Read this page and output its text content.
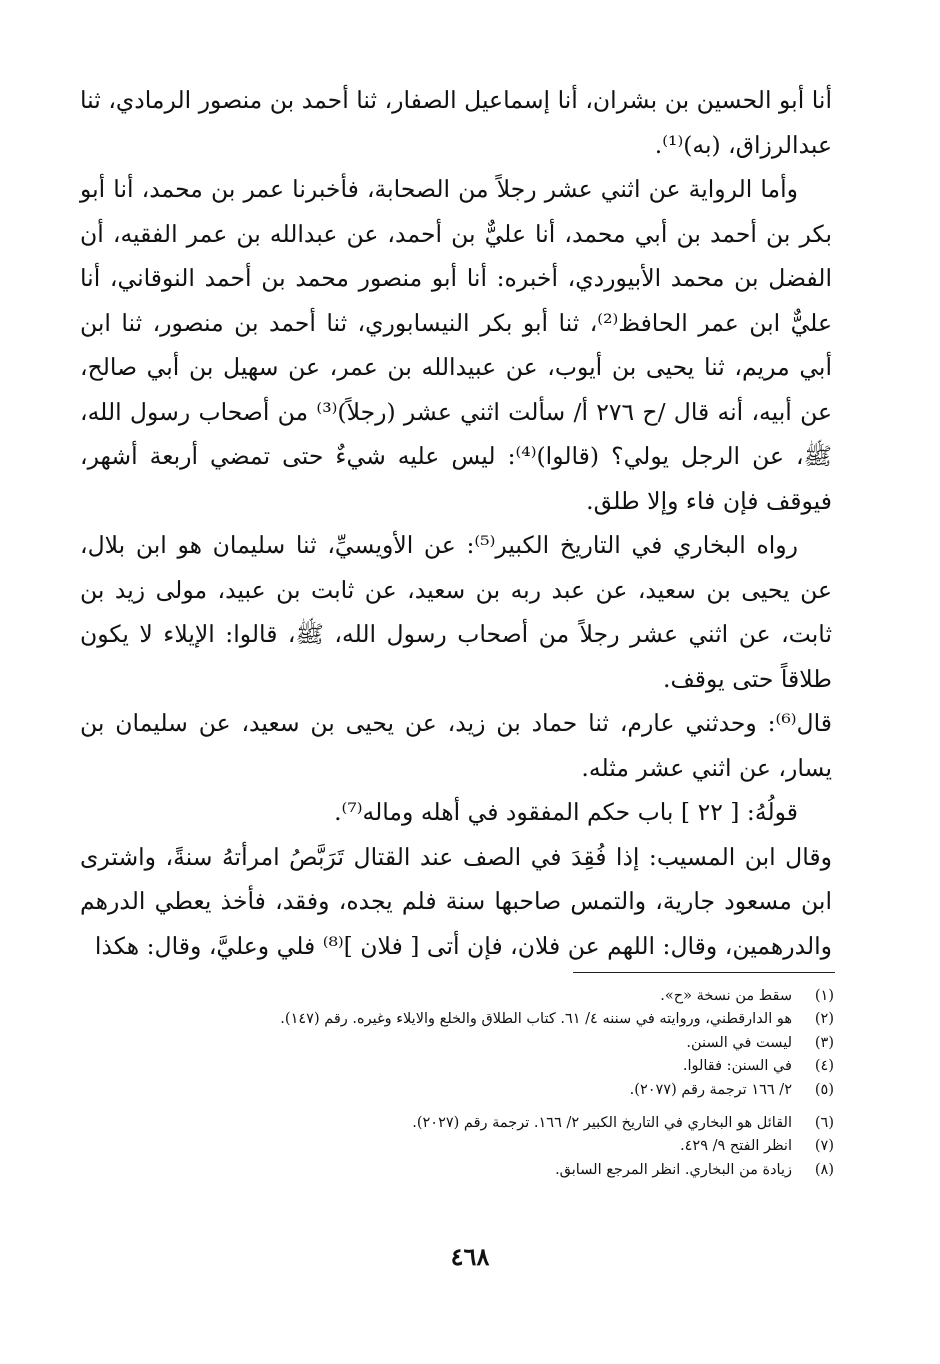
أنا أبو الحسين بن بشران، أنا إسماعيل الصفار، ثنا أحمد بن منصور الرمادي، ثنا عبدالرزاق، (به)⁽¹⁾.

وأما الرواية عن اثني عشر رجلاً من الصحابة، فأخبرنا عمر بن محمد، أنا أبو بكر بن أحمد بن أبي محمد، أنا عليٌّ بن أحمد، عن عبدالله بن عمر الفقيه، أن الفضل بن محمد الأبيوردي، أخبره: أنا أبو منصور محمد بن أحمد النوقاني، أنا عليٌّ ابن عمر الحافظ⁽²⁾، ثنا أبو بكر النيسابوري، ثنا أحمد بن منصور، ثنا ابن أبي مريم، ثنا يحيى بن أيوب، عن عبيدالله بن عمر، عن سهيل بن أبي صالح، عن أبيه، أنه قال /ح ٢٧٦ أ/ سألت اثني عشر (رجلاً)⁽³⁾ من أصحاب رسول الله، ﷺ، عن الرجل يولي؟ (قالوا)⁽⁴⁾: ليس عليه شيءٌ حتى تمضي أربعة أشهر، فيوقف فإن فاء وإلا طلق.

رواه البخاري في التاريخ الكبير⁽⁵⁾: عن الأويسيِّ، ثنا سليمان هو ابن بلال، عن يحيى بن سعيد، عن عبد ربه بن سعيد، عن ثابت بن عبيد، مولى زيد بن ثابت، عن اثني عشر رجلاً من أصحاب رسول الله، ﷺ، قالوا: الإيلاء لا يكون طلاقاً حتى يوقف.

قال⁽⁶⁾: وحدثني عارم، ثنا حماد بن زيد، عن يحيى بن سعيد، عن سليمان بن يسار، عن اثني عشر مثله.

قولُهُ: [ ٢٢ ] باب حكم المفقود في أهله وماله⁽⁷⁾.

وقال ابن المسيب: إذا فُقِدَ في الصف عند القتال تَرَبَّصُ امرأتهُ سنةً، واشترى ابن مسعود جارية، والتمس صاحبها سنة فلم يجده، وفقد، فأخذ يعطي الدرهم والدرهمين، وقال: اللهم عن فلان، فإن أتى [ فلان ]⁽⁸⁾ فلي وعليَّ، وقال: هكذا

(١)سقط من نسخة «ح».
(٢)هو الدارقطني، وروايته في سننه ٤/ ٦١. كتاب الطلاق والخلع والايلاء وغيره. رقم (١٤٧).
(٣)ليست في السنن.
(٤)في السنن: فقالوا.
(٥)٢/ ١٦٦ ترجمة رقم (٢٠٧٧).
(٦)القائل هو البخاري في التاريخ الكبير ٢/ ١٦٦. ترجمة رقم (٢٠٢٧).
(٧)انظر الفتح ٩/ ٤٢٩.
(٨)زيادة من البخاري. انظر المرجع السابق.
٤٦٨
